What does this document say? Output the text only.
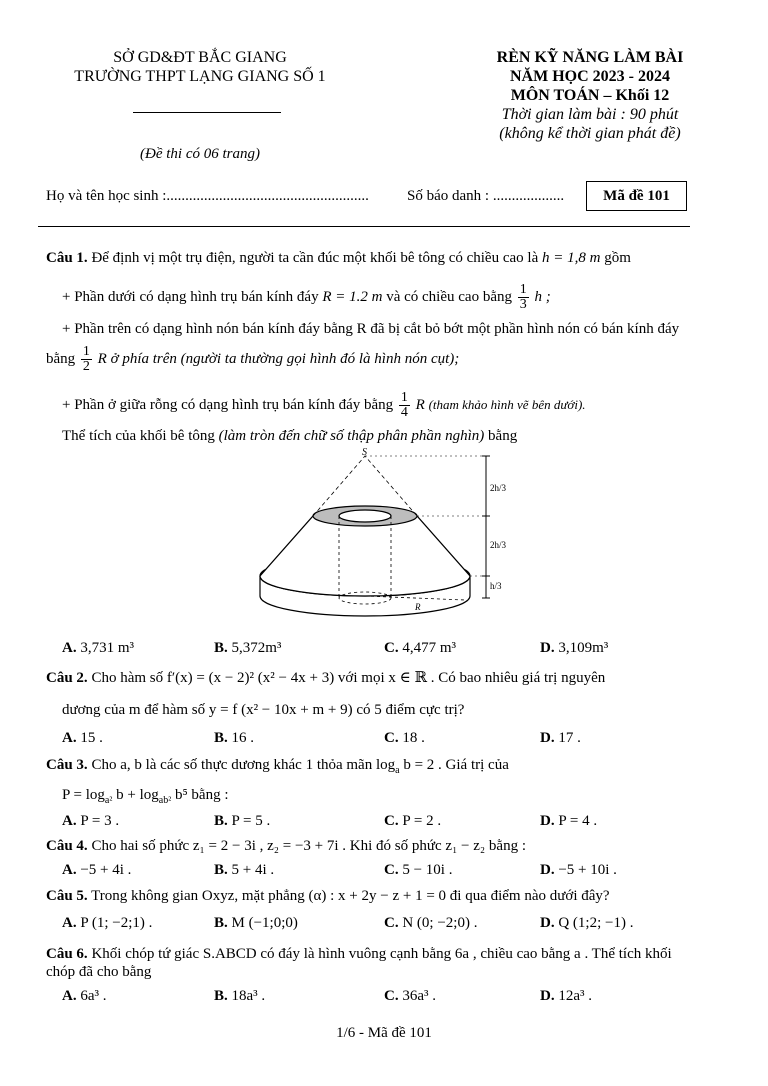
SỞ GD&ĐT BẮC GIANG
TRƯỜNG THPT LẠNG GIANG SỐ 1
(Đề thi có 06 trang)
RÈN KỸ NĂNG LÀM BÀI
NĂM HỌC 2023 - 2024
MÔN TOÁN – Khối 12
Thời gian làm bài : 90 phút
(không kể thời gian phát đề)
Họ và tên học sinh :......................................................	Số báo danh : ...................	Mã đề 101
Câu 1. Để định vị một trụ điện, người ta cần đúc một khối bê tông có chiều cao là h = 1,8 m gồm
+ Phần dưới có dạng hình trụ bán kính đáy R = 1.2 m và có chiều cao bằng $\frac{1}{3}$ h ;
+ Phần trên có dạng hình nón bán kính đáy bằng R đã bị cắt bỏ bớt một phần hình nón có bán kính đáy
bằng $\frac{1}{2}$ R ở phía trên (người ta thường gọi hình đó là hình nón cụt);
+ Phần ở giữa rỗng có dạng hình trụ bán kính đáy bằng $\frac{1}{4}$ R (tham khảo hình vẽ bên dưới).
Thể tích của khối bê tông (làm tròn đến chữ số thập phân phần nghìn) bằng
S
2h/3
2h/3
h/3
R
A. 3,731 m³	B. 5,372m³	C. 4,477 m³	D. 3,109m³
Câu 2. Cho hàm số f′(x) = (x − 2)² (x² − 4x + 3) với mọi x ∈ ℝ . Có bao nhiêu giá trị nguyên
dương của m để hàm số y = f (x² − 10x + m + 9) có 5 điểm cực trị?
A. 15 .	B. 16 .	C. 18 .	D. 17 .
Câu 3. Cho a, b là các số thực dương khác 1 thỏa mãn $\log_a b = 2$ . Giá trị của
$P = \log_{a^2} b + \log_{ab^2} b^5$ bằng :
A. P = 3 .	B. P = 5 .	C. P = 2 .	D. P = 4 .
Câu 4. Cho hai số phức z₁ = 2 − 3i , z₂ = −3 + 7i . Khi đó số phức z₁ − z₂ bằng :
A. −5 + 4i .	B. 5 + 4i .	C. 5 − 10i .	D. −5 + 10i .
Câu 5. Trong không gian Oxyz, mặt phẳng (α) : x + 2y − z + 1 = 0 đi qua điểm nào dưới đây?
A. P (1; −2;1) .	B. M (−1;0;0)	C. N (0; −2;0) .	D. Q (1;2; −1) .
Câu 6. Khối chóp tứ giác S.ABCD có đáy là hình vuông cạnh bằng 6a , chiều cao bằng a . Thể tích khối
chóp đã cho bằng
A. 6a³ .	B. 18a³ .	C. 36a³ .	D. 12a³ .
1/6 - Mã đề 101
